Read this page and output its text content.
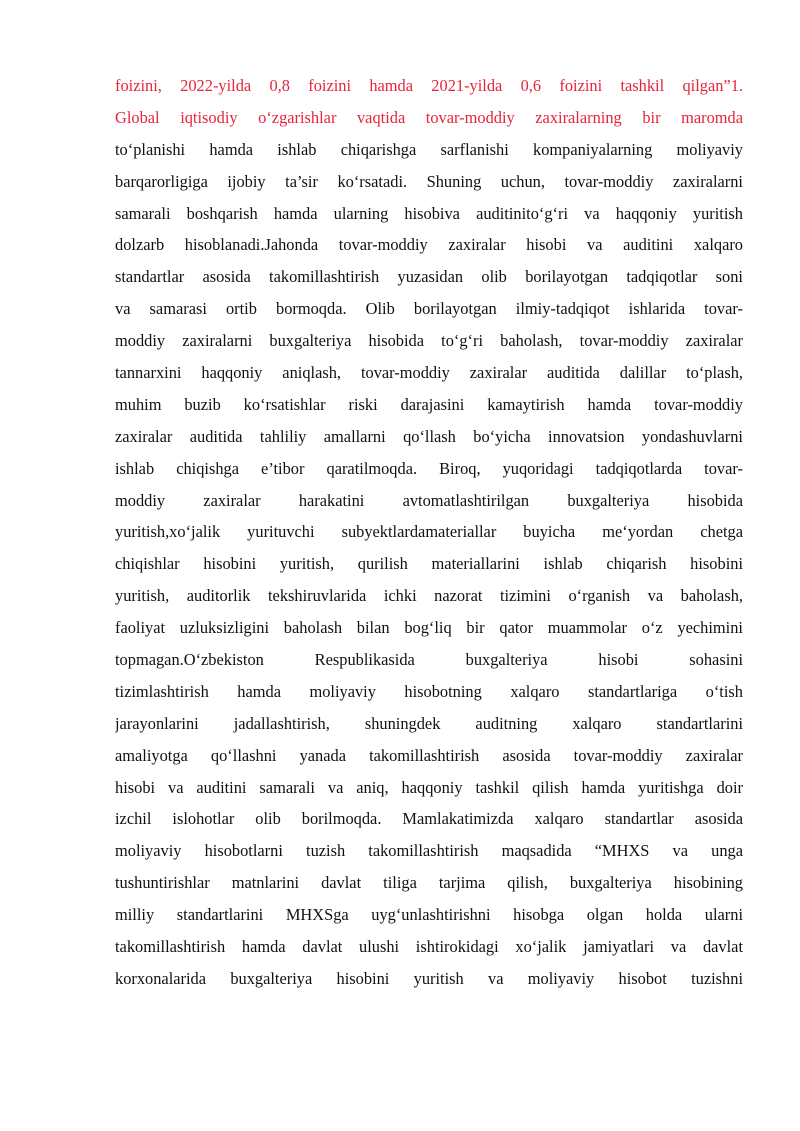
foizini, 2022-yilda 0,8 foizini hamda 2021-yilda 0,6 foizini tashkil qilgan”1.
Global iqtisodiy o‘zgarishlar vaqtida tovar-moddiy zaxiralarning bir maromda
to‘planishi hamda ishlab chiqarishga sarflanishi kompaniyalarning moliyaviy
barqarorligiga ijobiy ta’sir ko‘rsatadi. Shuning uchun, tovar-moddiy zaxiralarni
samarali boshqarish hamda ularning hisobiva auditinito‘g‘ri va haqqoniy yuritish
dolzarb hisoblanadi.Jahonda tovar-moddiy zaxiralar hisobi va auditini xalqaro
standartlar asosida takomillashtirish yuzasidan olib borilayotgan tadqiqotlar soni
va samarasi ortib bormoqda. Olib borilayotgan ilmiy-tadqiqot ishlarida tovar-
moddiy zaxiralarni buxgalteriya hisobida to‘g‘ri baholash, tovar-moddiy zaxiralar
tannarxini haqqoniy aniqlash, tovar-moddiy zaxiralar auditida dalillar to‘plash,
muhim buzib ko‘rsatishlar riski darajasini kamaytirish hamda tovar-moddiy
zaxiralar auditida tahliliy amallarni qo‘llash bo‘yicha innovatsion yondashuvlarni
ishlab chiqishga e’tibor qaratilmoqda. Biroq, yuqoridagi tadqiqotlarda tovar-
moddiy zaxiralar harakatini avtomatlashtirilgan buxgalteriya hisobida
yuritish,xo‘jalik yurituvchi subyektlardamateriallar buyicha me‘yordan chetga
chiqishlar hisobini yuritish, qurilish materiallarini ishlab chiqarish hisobini
yuritish, auditorlik tekshiruvlarida ichki nazorat tizimini o‘rganish va baholash,
faoliyat uzluksizligini baholash bilan bog‘liq bir qator muammolar o‘z yechimini
topmagan.O‘zbekiston Respublikasida buxgalteriya hisobi sohasini
tizimlashtirish hamda moliyaviy hisobotning xalqaro standartlariga o‘tish
jarayonlarini jadallashtirish, shuningdek auditning xalqaro standartlarini
amaliyotga qo‘llashni yanada takomillashtirish asosida tovar-moddiy zaxiralar
hisobi va auditini samarali va aniq, haqqoniy tashkil qilish hamda yuritishga doir
izchil islohotlar olib borilmoqda. Mamlakatimizda xalqaro standartlar asosida
moliyaviy hisobotlarni tuzish takomillashtirish maqsadida “MHXS va unga
tushuntirishlar matnlarini davlat tiliga tarjima qilish, buxgalteriya hisobining
milliy standartlarini MHXSga uyg‘unlashtirishni hisobga olgan holda ularni
takomillashtirish hamda davlat ulushi ishtirokidagi xo‘jalik jamiyatlari va davlat
korxonalarida buxgalteriya hisobini yuritish va moliyaviy hisobot tuzishni
